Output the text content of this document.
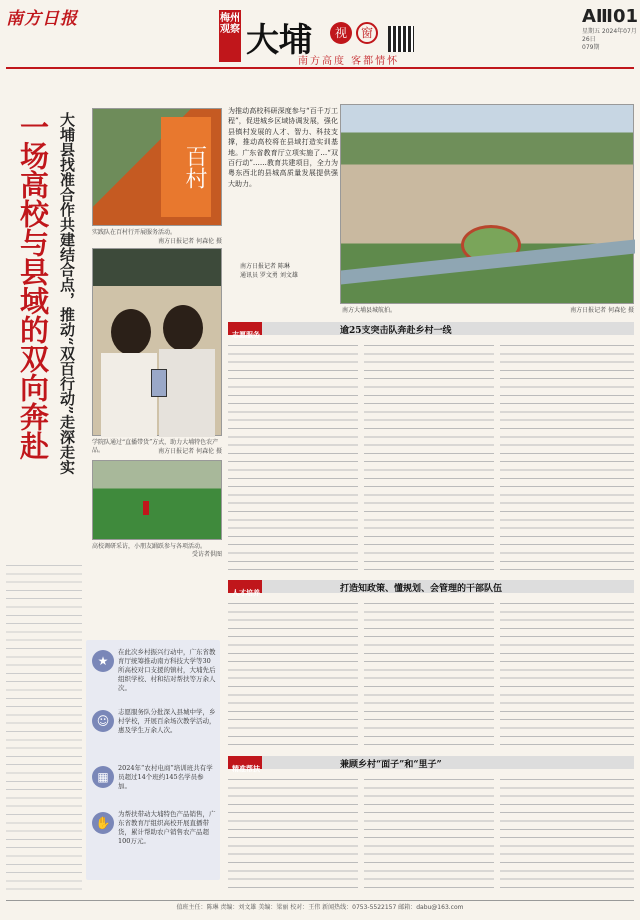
南方日报	梅州观察 大埔	视	窗
南方高度 客都情怀
AⅢ01
星期五 2024年07月26日
079期
一场高校与县域的双向奔赴 大埔县找准合作共建结合点，推动“双百行动”走深走实	百村
实践队在百村行开展服务活动。
南方日报记者 何森伦 摄
学院队通过“直播带货”方式，助力大埔特色农产品。	南方日报记者 何森伦 摄
高校调研采访，小朋友踊跃参与各项活动。
受访者供图
为推动高校科研深度参与“百千万工程”，促进城乡区域协调发展，强化县镇村发展的人才、智力、科技支撑，推动高校将在县域打造实训基地。广东省教育厅立项实施了…“双百行动”……教育共建项目，全力为粤东西北的县城高质量发展提供强大助力。
南方日报记者 陈琳
通讯员 罗文勇 刘文雄
南方大埔县城航拍。	南方日报记者 何森伦 摄
志愿服务	逾25支突击队奔赴乡村一线
人才培养	打造知政策、懂规划、会管理的干部队伍
精准帮扶	兼顾乡村“面子”和“里子”
★
在此次乡村振兴行动中，广东省教育厅统筹推动南方科技大学等30所高校对口支援的镇村，大埔先后组织学校、村和结对帮扶等万余人次。
☺
志愿服务队分批深入县城中学，乡村学校，开展百余场次教学活动，惠及学生万余人次。
▦
2024年“农村电商”培训班共有学员超过14个班约145名学员参加。
✋
为帮扶带动大埔特色产品销售，广东省教育厅组织高校开展直播带货，累计帮助农户销售农产品超100万元。
值班主任：陈琳 责编：刘文雄 美编：梁丽 校对：王伟 新闻热线：0753-5522157 邮箱：dabu@163.com
